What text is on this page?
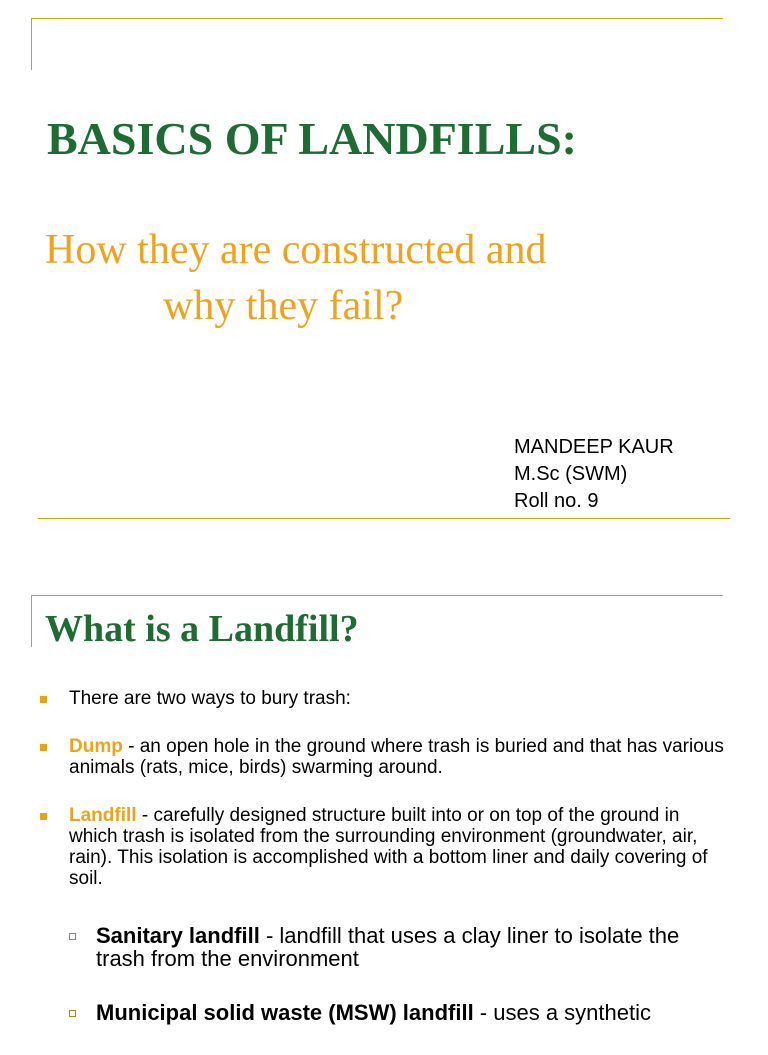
BASICS OF LANDFILLS:
How they are constructed and
why they fail?
MANDEEP KAUR
M.Sc (SWM)
Roll no. 9
What is a Landfill?
There are two ways to bury trash:
Dump - an open hole in the ground where trash is buried and that has various animals (rats, mice, birds) swarming around.
Landfill - carefully designed structure built into or on top of the ground in which trash is isolated from the surrounding environment (groundwater, air, rain). This isolation is accomplished with a bottom liner and daily covering of soil.
Sanitary landfill - landfill that uses a clay liner to isolate the trash from the environment
Municipal solid waste (MSW) landfill - uses a synthetic
